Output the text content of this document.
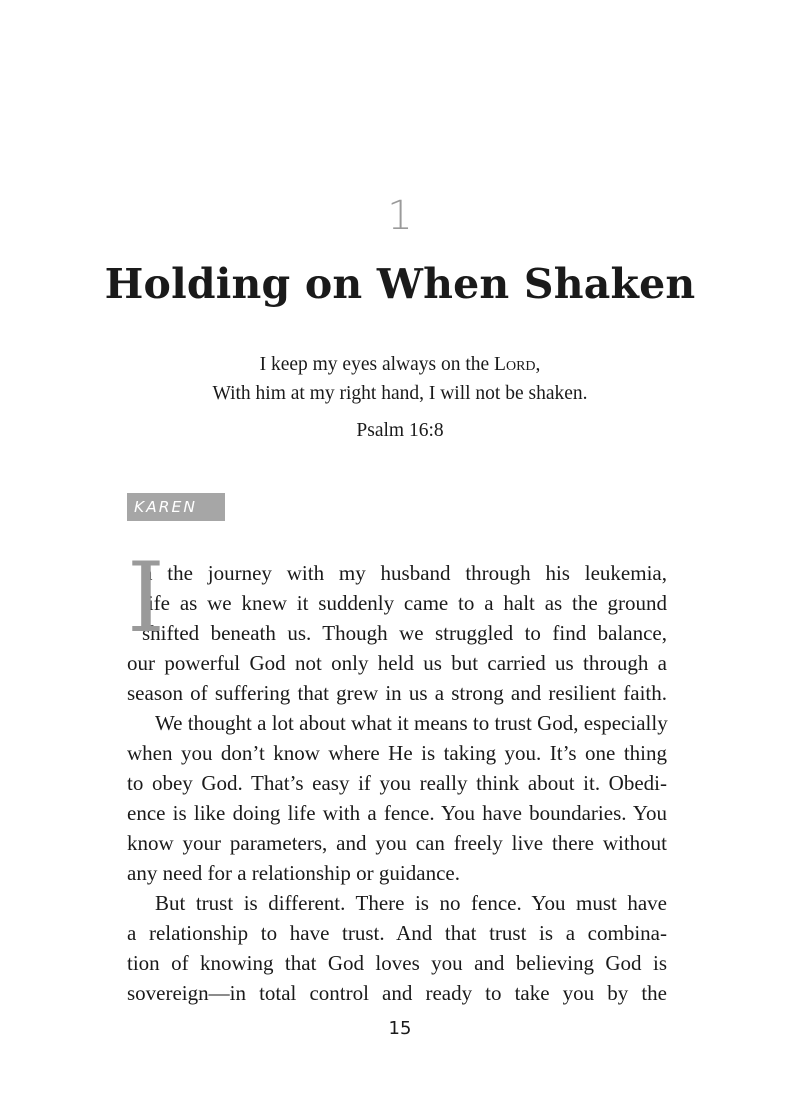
1
Holding on When Shaken
I keep my eyes always on the Lord,
With him at my right hand, I will not be shaken.
Psalm 16:8
KAREN
I
n the journey with my husband through his leukemia,
life as we knew it suddenly came to a halt as the ground
shifted beneath us. Though we struggled to find balance,
our powerful God not only held us but carried us through a
season of suffering that grew in us a strong and resilient faith.
We thought a lot about what it means to trust God, especially
when you don’t know where He is taking you. It’s one thing
to obey God. That’s easy if you really think about it. Obedi-
ence is like doing life with a fence. You have boundaries. You
know your parameters, and you can freely live there without
any need for a relationship or guidance.
But trust is different. There is no fence. You must have
a relationship to have trust. And that trust is a combina-
tion of knowing that God loves you and believing God is
sovereign—in total control and ready to take you by the
15
